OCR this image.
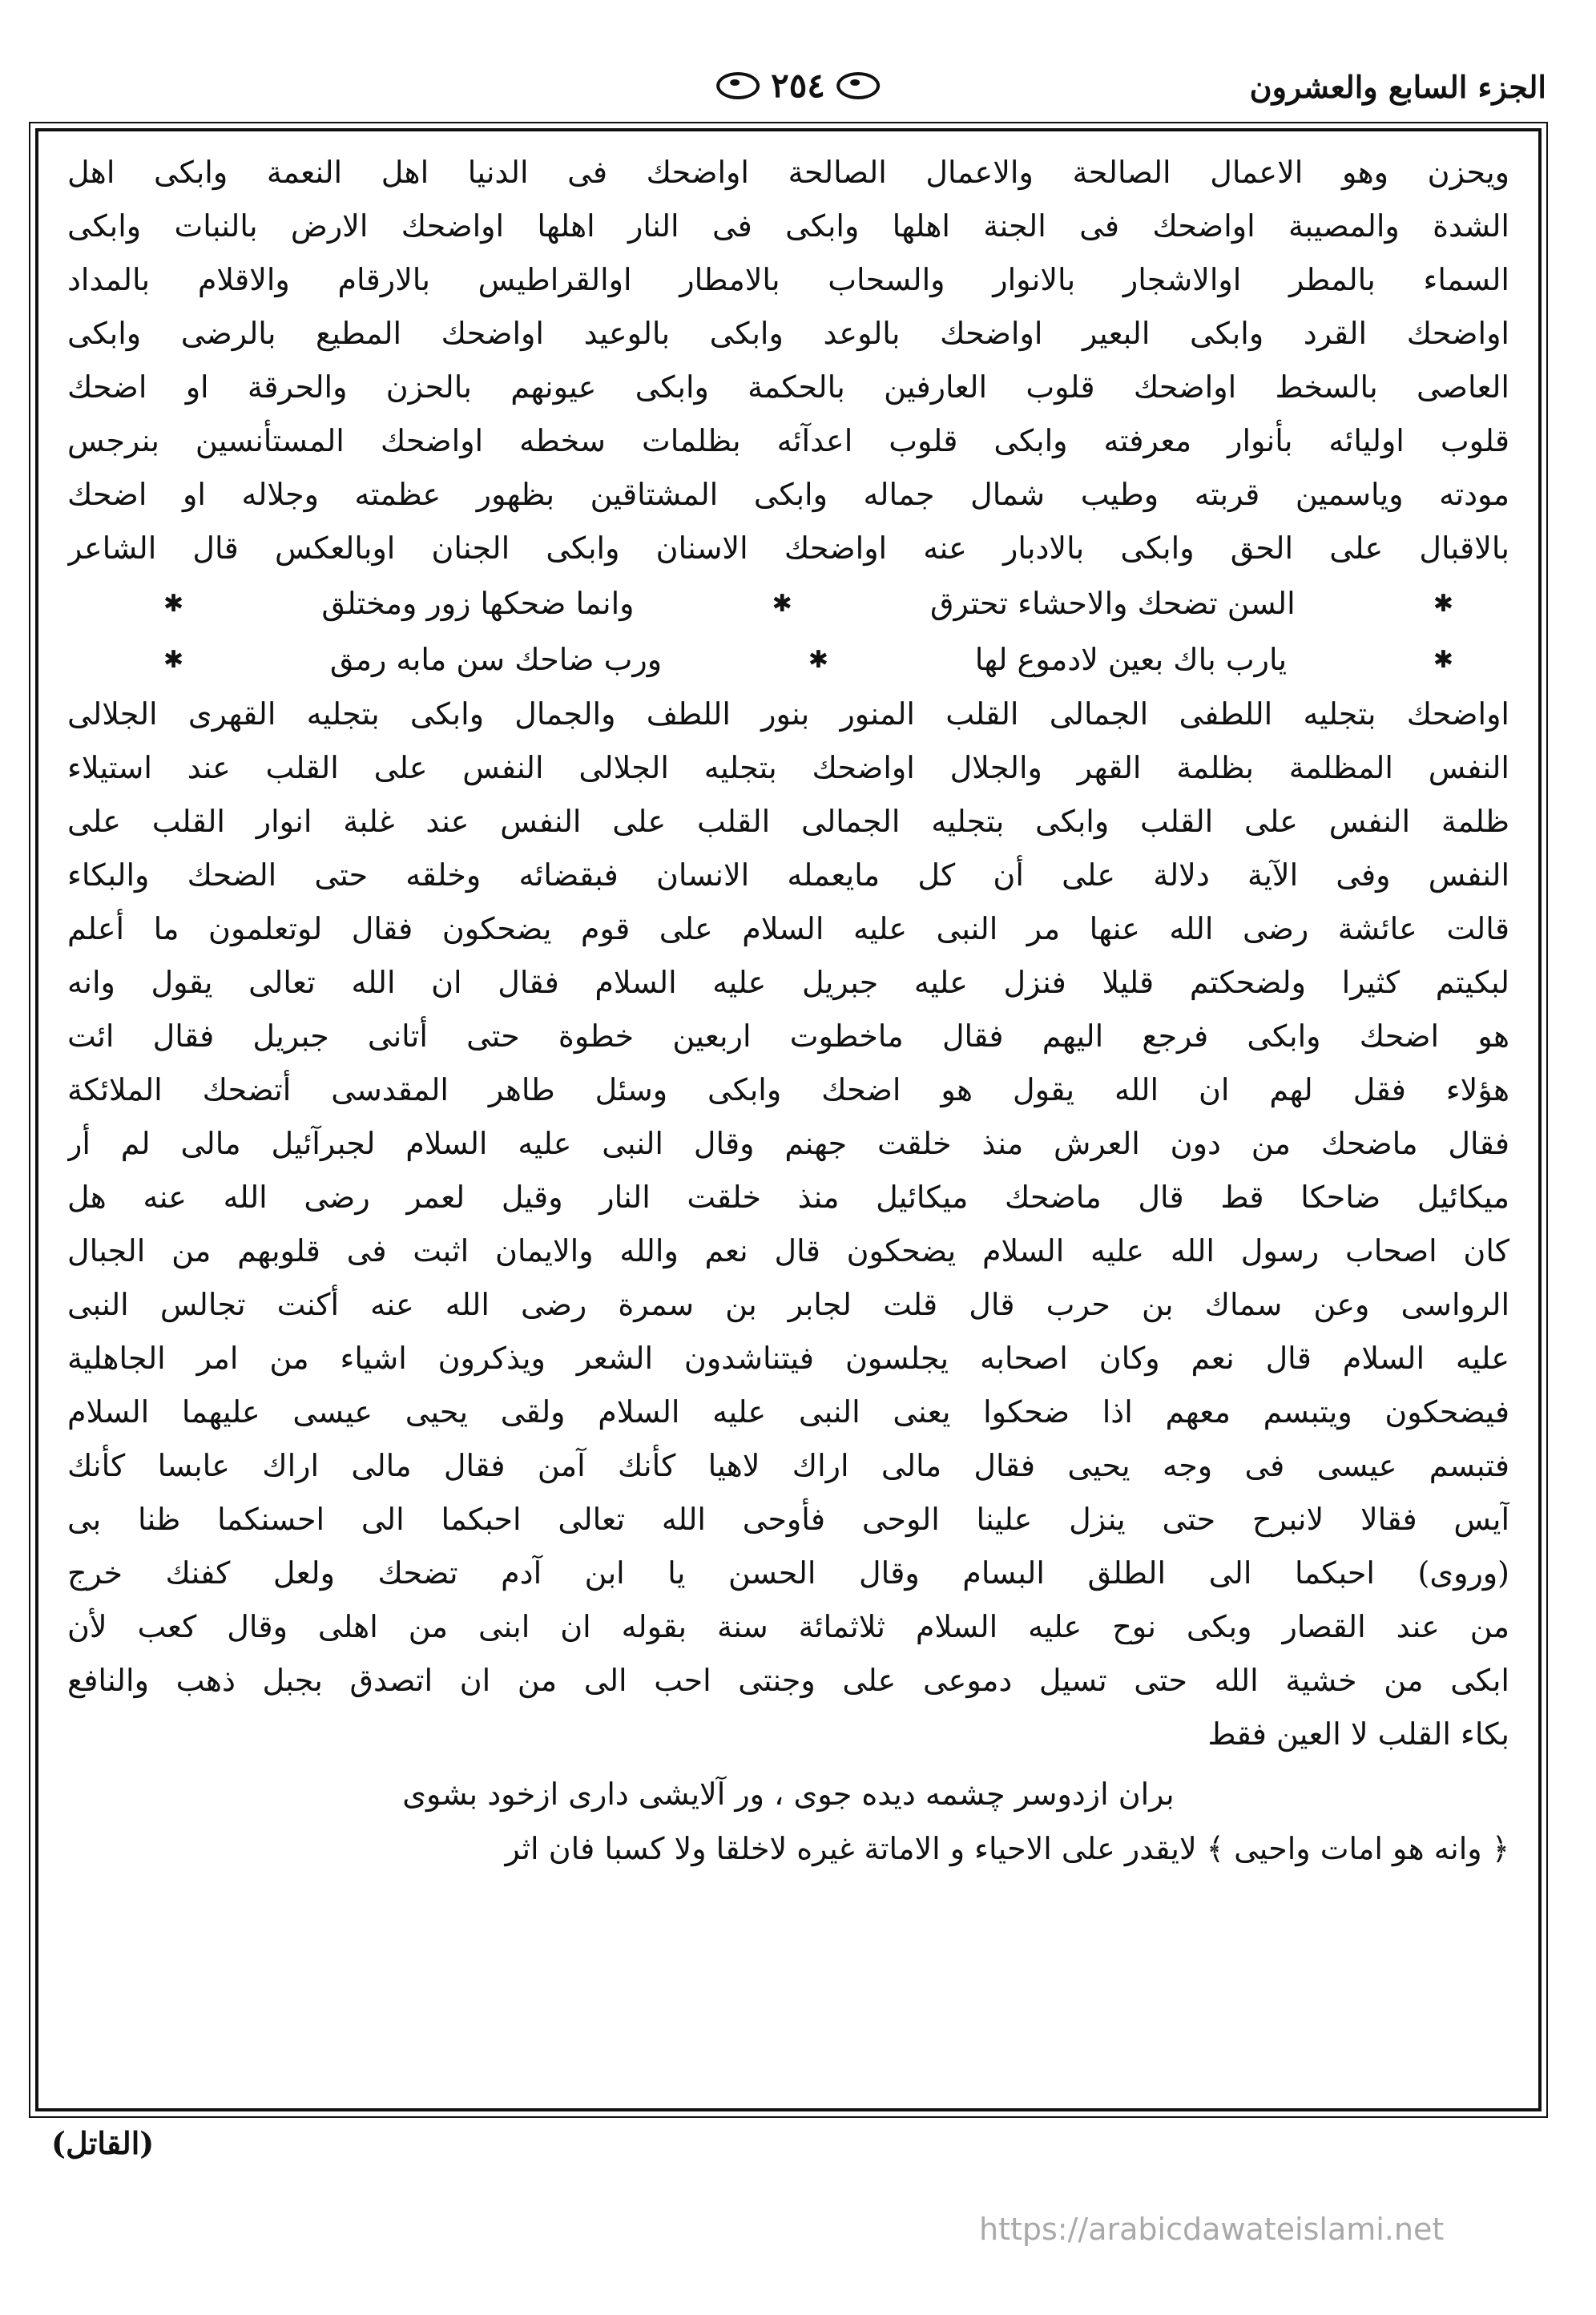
الجزء السابع والعشرون
٢٥٤

ويحزن وهو الاعمال الصالحة والاعمال الصالحة اواضحك فى الدنيا اهل النعمة وابكى اهل

الشدة والمصيبة اواضحك فى الجنة اهلها وابكى فى النار اهلها اواضحك الارض بالنبات وابكى

السماء بالمطر اوالاشجار بالانوار والسحاب بالامطار اوالقراطيس بالارقام والاقلام بالمداد

اواضحك القرد وابكى البعير اواضحك بالوعد وابكى بالوعيد اواضحك المطيع بالرضى وابكى

العاصى بالسخط اواضحك قلوب العارفين بالحكمة وابكى عيونهم بالحزن والحرقة او اضحك

قلوب اوليائه بأنوار معرفته وابكى قلوب اعدآئه بظلمات سخطه اواضحك المستأنسين بنرجس

مودته وياسمين قربته وطيب شمال جماله وابكى المشتاقين بظهور عظمته وجلاله او اضحك

بالاقبال على الحق وابكى بالادبار عنه اواضحك الاسنان وابكى الجنان اوبالعكس قال الشاعر

✱
السن تضحك والاحشاء تحترق
✱
وانما ضحكها زور ومختلق
✱
✱
يارب باك بعين لادموع لها
✱
ورب ضاحك سن مابه رمق
✱

اواضحك بتجليه اللطفى الجمالى القلب المنور بنور اللطف والجمال وابكى بتجليه القهرى الجلالى

النفس المظلمة بظلمة القهر والجلال اواضحك بتجليه الجلالى النفس على القلب عند استيلاء

ظلمة النفس على القلب وابكى بتجليه الجمالى القلب على النفس عند غلبة انوار القلب على

النفس وفى الآية دلالة على أن كل مايعمله الانسان فبقضائه وخلقه حتى الضحك والبكاء

قالت عائشة رضى الله عنها مر النبى عليه السلام على قوم يضحكون فقال لوتعلمون ما أعلم

لبكيتم كثيرا ولضحكتم قليلا فنزل عليه جبريل عليه السلام فقال ان الله تعالى يقول وانه

هو اضحك وابكى فرجع اليهم فقال ماخطوت اربعين خطوة حتى أتانى جبريل فقال ائت

هؤلاء فقل لهم ان الله يقول هو اضحك وابكى وسئل طاهر المقدسى أتضحك الملائكة

فقال ماضحك من دون العرش منذ خلقت جهنم وقال النبى عليه السلام لجبرآئيل مالى لم أر

ميكائيل ضاحكا قط قال ماضحك ميكائيل منذ خلقت النار وقيل لعمر رضى الله عنه هل

كان اصحاب رسول الله عليه السلام يضحكون قال نعم والله والايمان اثبت فى قلوبهم من الجبال

الرواسى وعن سماك بن حرب قال قلت لجابر بن سمرة رضى الله عنه أكنت تجالس النبى

عليه السلام قال نعم وكان اصحابه يجلسون فيتناشدون الشعر ويذكرون اشياء من امر الجاهلية

فيضحكون ويتبسم معهم اذا ضحكوا يعنى النبى عليه السلام ولقى يحيى عيسى عليهما السلام

فتبسم عيسى فى وجه يحيى فقال مالى اراك لاهيا كأنك آمن فقال مالى اراك عابسا كأنك

آيس فقالا لانبرح حتى ينزل علينا الوحى فأوحى الله تعالى احبكما الى احسنكما ظنا بى

(وروى) احبكما الى الطلق البسام وقال الحسن يا ابن آدم تضحك ولعل كفنك خرج

من عند القصار وبكى نوح عليه السلام ثلاثمائة سنة بقوله ان ابنى من اهلى وقال كعب لأن

ابكى من خشية الله حتى تسيل دموعى على وجنتى احب الى من ان اتصدق بجبل ذهب والنافع

بكاء القلب لا العين فقط

بران ازدوسر چشمه ديده جوى ، ور آلايشى دارى ازخود بشوى
﴿ وانه هو امات واحيى ﴾ لايقدر على الاحياء و الاماتة غيره لاخلقا ولا كسبا فان اثر
(القاتل)
https://arabicdawateislami.net
